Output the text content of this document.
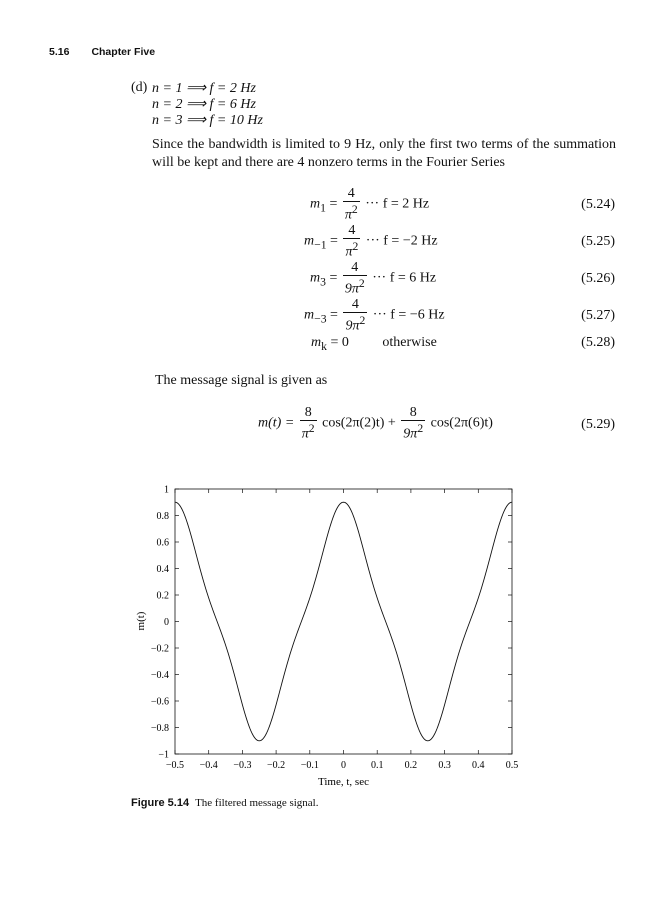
5.16 Chapter Five
(d) n = 1 ⟹ f = 2 Hz
n = 2 ⟹ f = 6 Hz
n = 3 ⟹ f = 10 Hz
Since the bandwidth is limited to 9 Hz, only the first two terms of the summation will be kept and there are 4 nonzero terms in the Fourier Series
$m_1 = \frac{4}{\pi^2}$ ··· f = 2 Hz	(5.24)
$m_{-1} = \frac{4}{\pi^2}$ ··· f = −2 Hz	(5.25)
$m_3 = \frac{4}{9\pi^2}$ ··· f = 6 Hz	(5.26)
$m_{-3} = \frac{4}{9\pi^2}$ ··· f = −6 Hz	(5.27)
$m_k = 0$ otherwise	(5.28)
The message signal is given as
$m(t) = \frac{8}{\pi^2} \cos(2\pi(2)t) + \frac{8}{9\pi^2} \cos(2\pi(6)t)$	(5.29)
−0.5 −0.4 −0.3 −0.2 −0.1 0 0.1 0.2 0.3 0.4 0.5
−1
−0.8
−0.6
−0.4
−0.2
0
0.2
0.4
0.6
0.8
1
Time, t, sec
m(t)
Figure 5.14 The filtered message signal.
